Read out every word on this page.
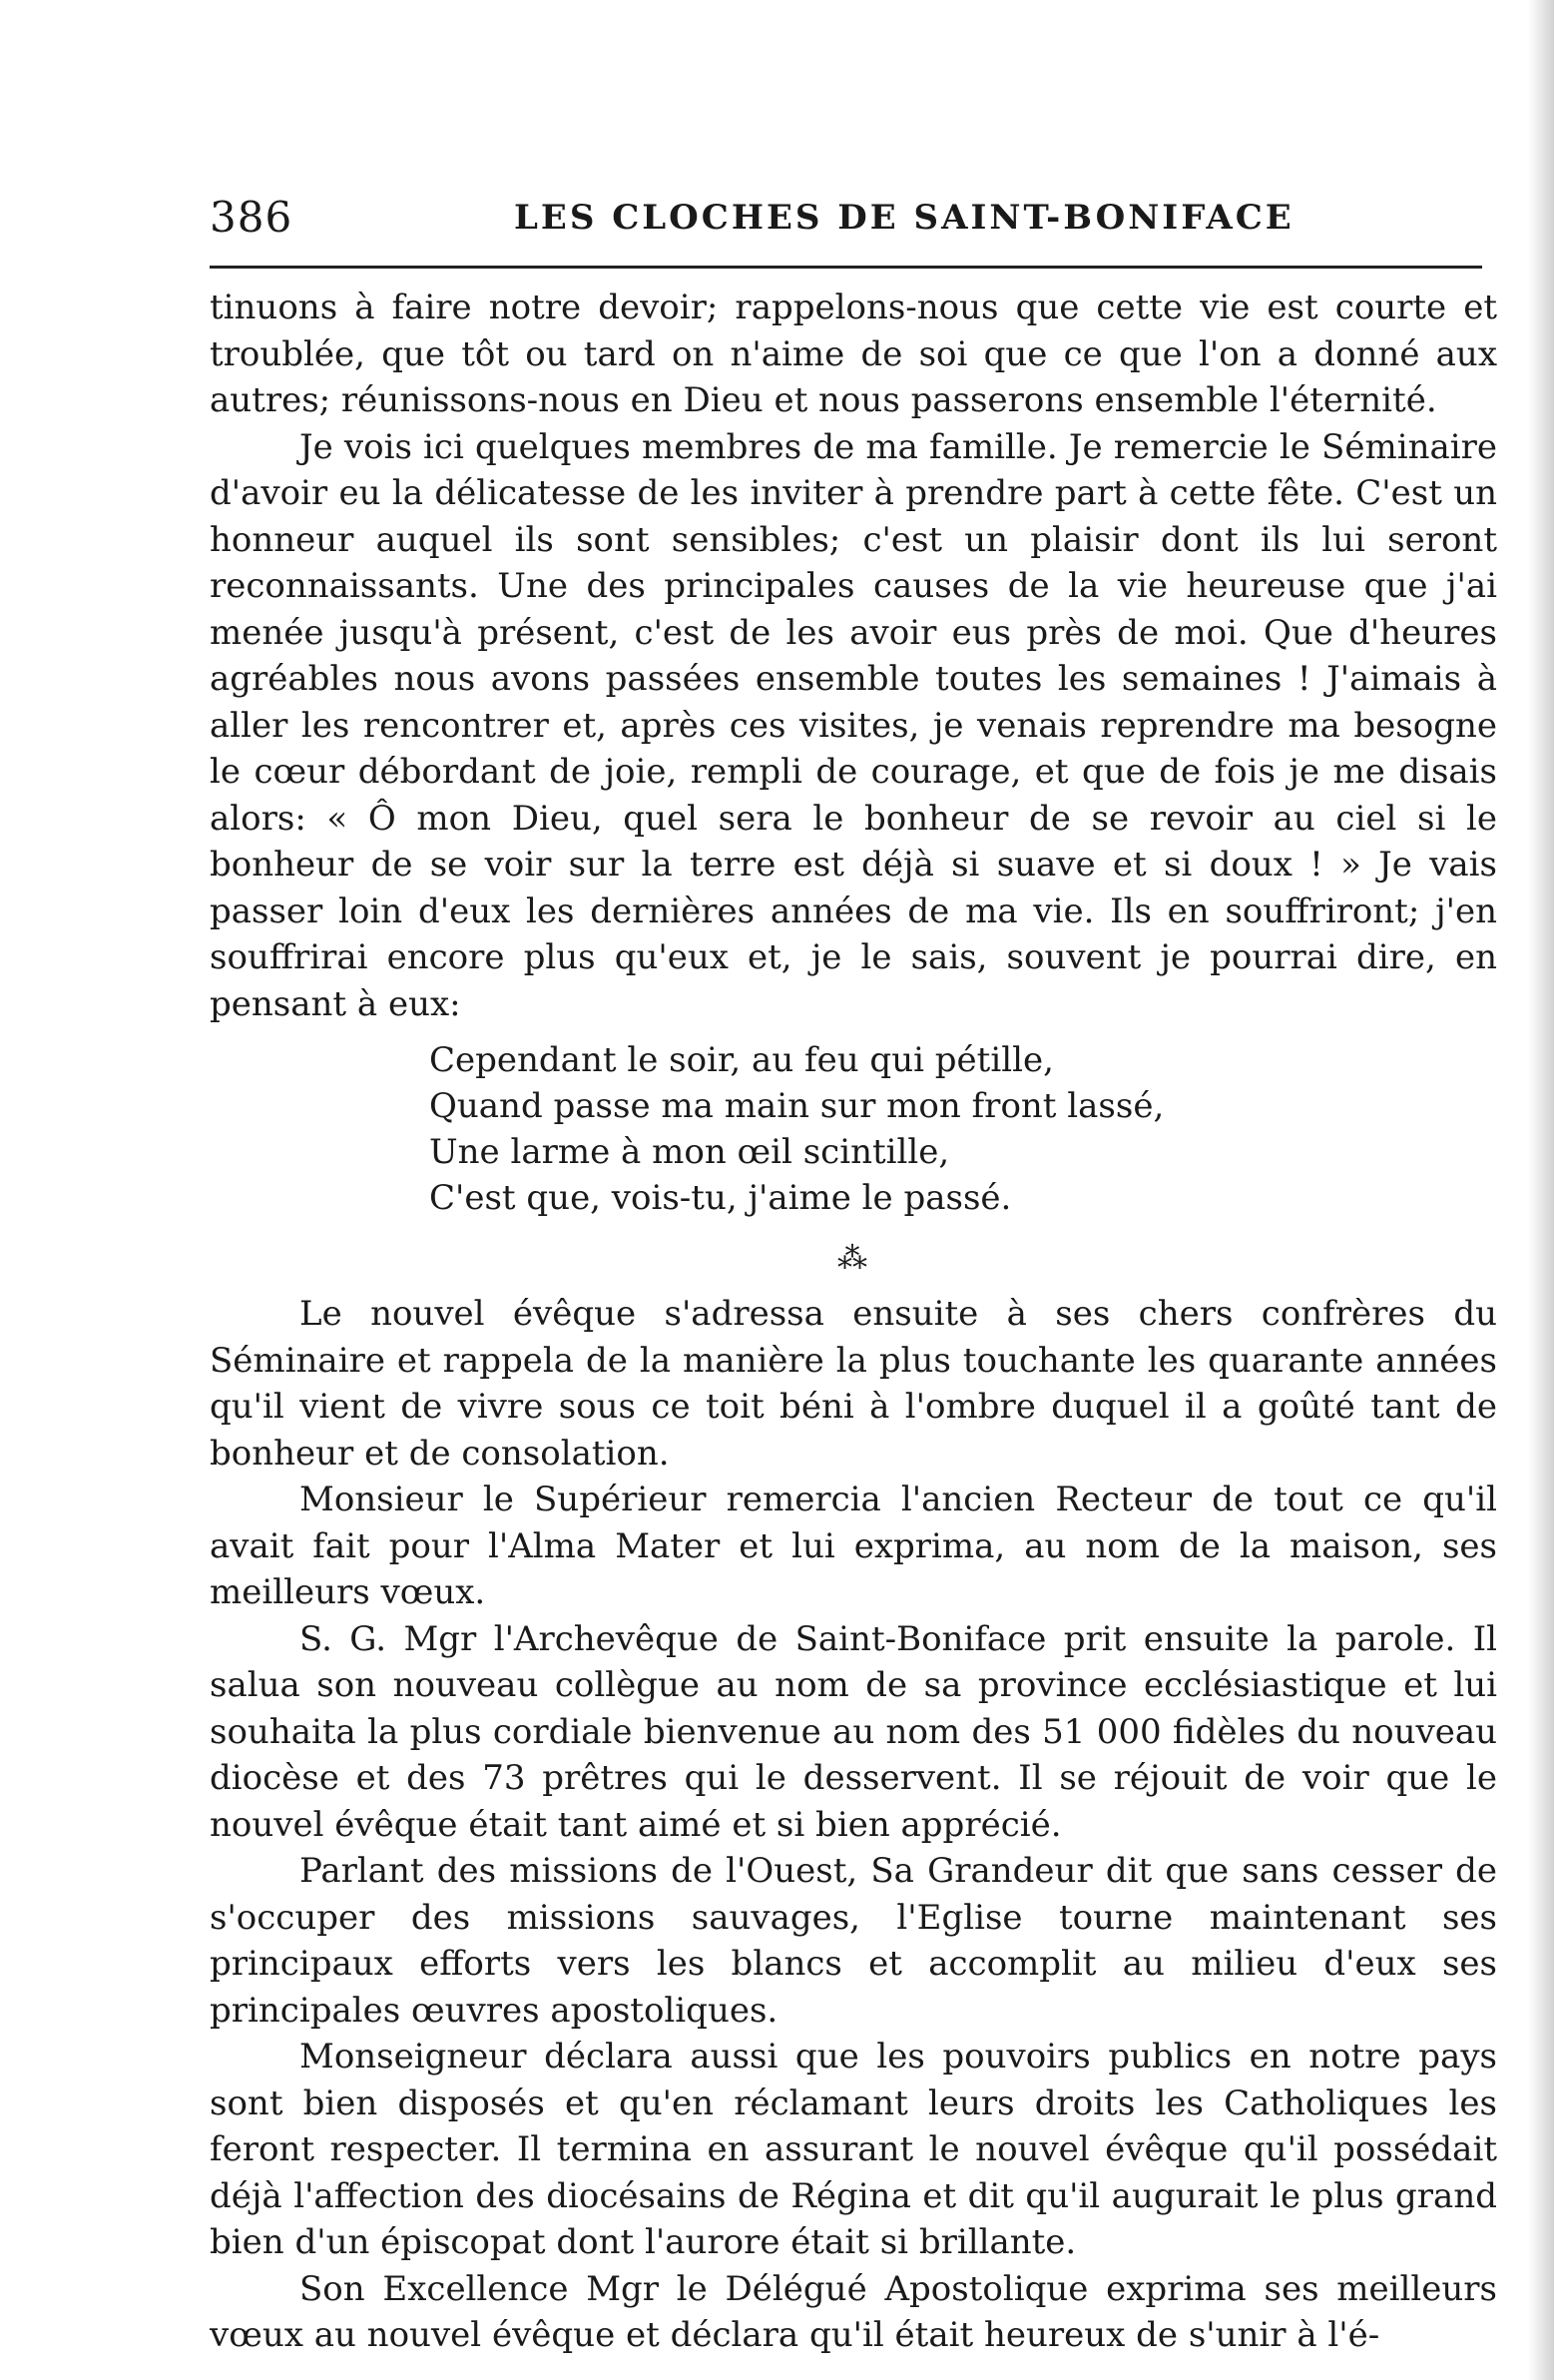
386	LES CLOCHES DE SAINT-BONIFACE

tinuons à faire notre devoir; rappelons-nous que cette vie est courte et troublée, que tôt ou tard on n'aime de soi que ce que l'on a donné aux autres; réunissons-nous en Dieu et nous passerons ensemble l'éternité.

Je vois ici quelques membres de ma famille. Je remercie le Séminaire d'avoir eu la délicatesse de les inviter à prendre part à cette fête. C'est un honneur auquel ils sont sensibles; c'est un plaisir dont ils lui seront reconnaissants. Une des principales causes de la vie heureuse que j'ai menée jusqu'à présent, c'est de les avoir eus près de moi. Que d'heures agréables nous avons passées ensemble toutes les semaines ! J'aimais à aller les rencontrer et, après ces visites, je venais reprendre ma besogne le cœur débordant de joie, rempli de courage, et que de fois je me disais alors: « Ô mon Dieu, quel sera le bonheur de se revoir au ciel si le bonheur de se voir sur la terre est déjà si suave et si doux ! » Je vais passer loin d'eux les dernières années de ma vie. Ils en souffriront; j'en souffrirai encore plus qu'eux et, je le sais, souvent je pourrai dire, en pensant à eux:

Cependant le soir, au feu qui pétille,
Quand passe ma main sur mon front lassé,
Une larme à mon œil scintille,
C'est que, vois-tu, j'aime le passé.
⁂

Le nouvel évêque s'adressa ensuite à ses chers confrères du Séminaire et rappela de la manière la plus touchante les quarante années qu'il vient de vivre sous ce toit béni à l'ombre duquel il a goûté tant de bonheur et de consolation.

Monsieur le Supérieur remercia l'ancien Recteur de tout ce qu'il avait fait pour l'Alma Mater et lui exprima, au nom de la maison, ses meilleurs vœux.

S. G. Mgr l'Archevêque de Saint-Boniface prit ensuite la parole. Il salua son nouveau collègue au nom de sa province ecclésiastique et lui souhaita la plus cordiale bienvenue au nom des 51 000 fidèles du nouveau diocèse et des 73 prêtres qui le desservent. Il se réjouit de voir que le nouvel évêque était tant aimé et si bien apprécié.

Parlant des missions de l'Ouest, Sa Grandeur dit que sans cesser de s'occuper des missions sauvages, l'Eglise tourne maintenant ses principaux efforts vers les blancs et accomplit au milieu d'eux ses principales œuvres apostoliques.

Monseigneur déclara aussi que les pouvoirs publics en notre pays sont bien disposés et qu'en réclamant leurs droits les Catholiques les feront respecter. Il termina en assurant le nouvel évêque qu'il possédait déjà l'affection des diocésains de Régina et dit qu'il augurait le plus grand bien d'un épiscopat dont l'aurore était si brillante.

Son Excellence Mgr le Délégué Apostolique exprima ses meilleurs vœux au nouvel évêque et déclara qu'il était heureux de s'unir à l'é-
